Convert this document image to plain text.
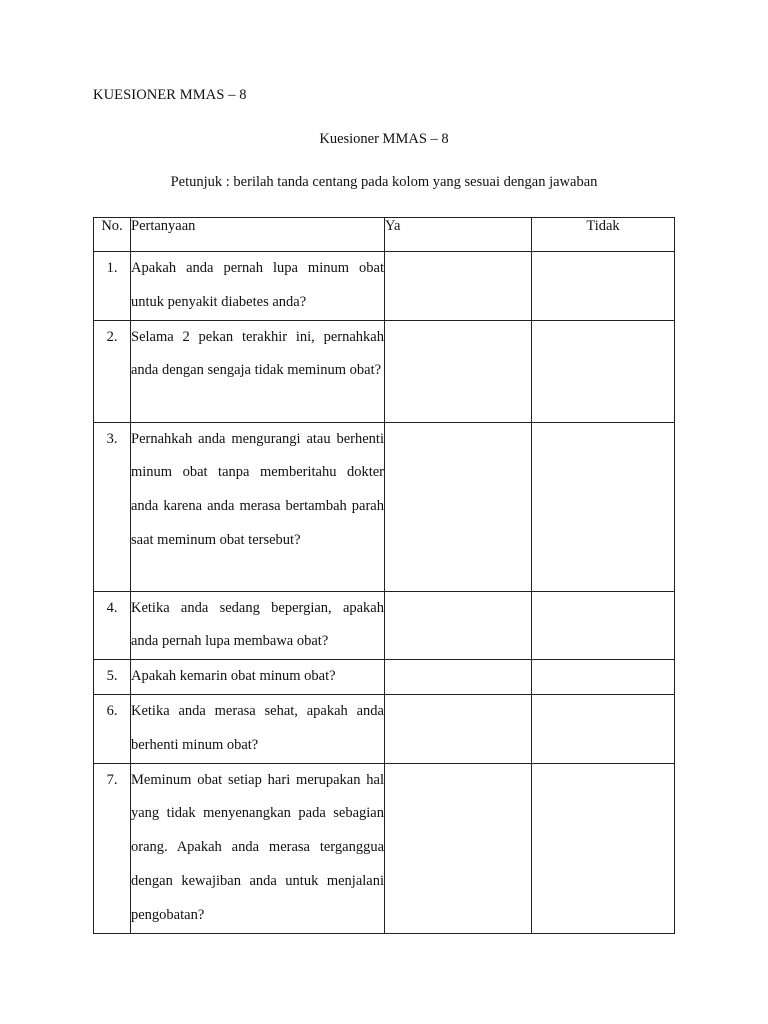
KUESIONER MMAS – 8
Kuesioner MMAS – 8
Petunjuk : berilah tanda centang pada kolom yang sesuai dengan jawaban
No.	Pertanyaan	Ya	Tidak
1.	Apakah anda pernah lupa minum obat untuk penyakit diabetes anda?		
2.	Selama 2 pekan terakhir ini, pernahkah anda dengan sengaja tidak meminum obat?		
3.	Pernahkah anda mengurangi atau berhenti minum obat tanpa memberitahu dokter anda karena anda merasa bertambah parah saat meminum obat tersebut?		
4.	Ketika anda sedang bepergian, apakah anda pernah lupa membawa obat?		
5.	Apakah kemarin obat minum obat?		
6.	Ketika anda merasa sehat, apakah anda berhenti minum obat?		
7.	Meminum obat setiap hari merupakan hal yang tidak menyenangkan pada sebagian orang. Apakah anda merasa terganggua dengan kewajiban anda untuk menjalani pengobatan?		
